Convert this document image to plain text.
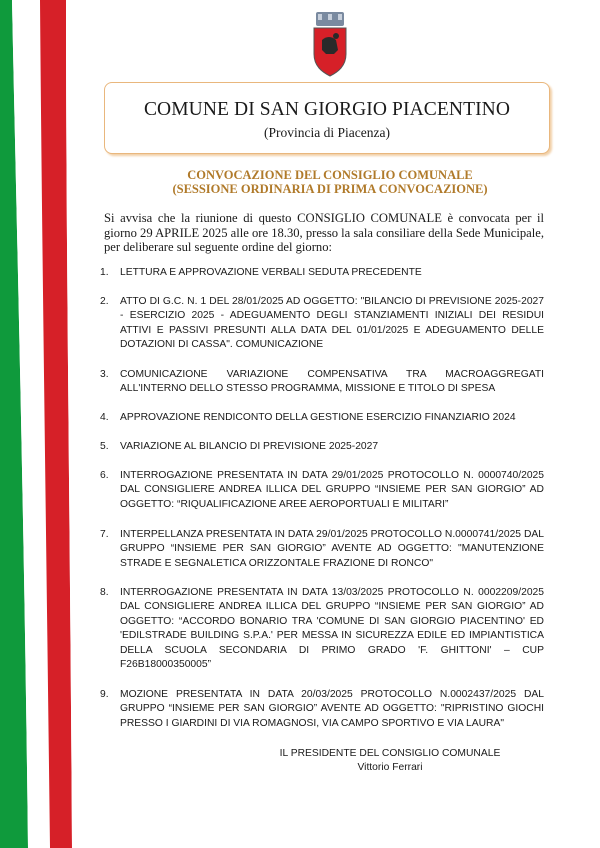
COMUNE DI SAN GIORGIO PIACENTINO
(Provincia di Piacenza)
CONVOCAZIONE DEL CONSIGLIO COMUNALE
(SESSIONE ORDINARIA DI PRIMA CONVOCAZIONE)
Si avvisa che la riunione di questo CONSIGLIO COMUNALE è convocata per il giorno 29 APRILE 2025 alle ore 18.30, presso la sala consiliare della Sede Municipale, per deliberare sul seguente ordine del giorno:
1.	LETTURA E APPROVAZIONE VERBALI SEDUTA PRECEDENTE
2.	ATTO DI G.C. N. 1 DEL 28/01/2025 AD OGGETTO: "BILANCIO DI PREVISIONE 2025-2027 - ESERCIZIO 2025 - ADEGUAMENTO DEGLI STANZIAMENTI INIZIALI DEI RESIDUI ATTIVI E PASSIVI PRESUNTI ALLA DATA DEL 01/01/2025 E ADEGUAMENTO DELLE DOTAZIONI DI CASSA". COMUNICAZIONE
3.	COMUNICAZIONE VARIAZIONE COMPENSATIVA TRA MACROAGGREGATI ALL'INTERNO DELLO STESSO PROGRAMMA, MISSIONE E TITOLO DI SPESA
4.	APPROVAZIONE RENDICONTO DELLA GESTIONE ESERCIZIO FINANZIARIO 2024
5.	VARIAZIONE AL BILANCIO DI PREVISIONE 2025-2027
6.	INTERROGAZIONE PRESENTATA IN DATA 29/01/2025 PROTOCOLLO N. 0000740/2025 DAL CONSIGLIERE ANDREA ILLICA DEL GRUPPO “INSIEME PER SAN GIORGIO” AD OGGETTO: “RIQUALIFICAZIONE AREE AEROPORTUALI E MILITARI”
7.	INTERPELLANZA PRESENTATA IN DATA 29/01/2025 PROTOCOLLO N.0000741/2025 DAL GRUPPO “INSIEME PER SAN GIORGIO” AVENTE AD OGGETTO: "MANUTENZIONE STRADE E SEGNALETICA ORIZZONTALE FRAZIONE DI RONCO"
8.	INTERROGAZIONE PRESENTATA IN DATA 13/03/2025 PROTOCOLLO N. 0002209/2025 DAL CONSIGLIERE ANDREA ILLICA DEL GRUPPO “INSIEME PER SAN GIORGIO” AD OGGETTO: “ACCORDO BONARIO TRA 'COMUNE DI SAN GIORGIO PIACENTINO' ED 'EDILSTRADE BUILDING S.P.A.' PER MESSA IN SICUREZZA EDILE ED IMPIANTISTICA DELLA SCUOLA SECONDARIA DI PRIMO GRADO 'F. GHITTONI' – CUP F26B18000350005”
9.	MOZIONE PRESENTATA IN DATA 20/03/2025 PROTOCOLLO N.0002437/2025 DAL GRUPPO “INSIEME PER SAN GIORGIO” AVENTE AD OGGETTO: "RIPRISTINO GIOCHI PRESSO I GIARDINI DI VIA ROMAGNOSI, VIA CAMPO SPORTIVO E VIA LAURA"
IL PRESIDENTE DEL CONSIGLIO COMUNALE
Vittorio Ferrari
